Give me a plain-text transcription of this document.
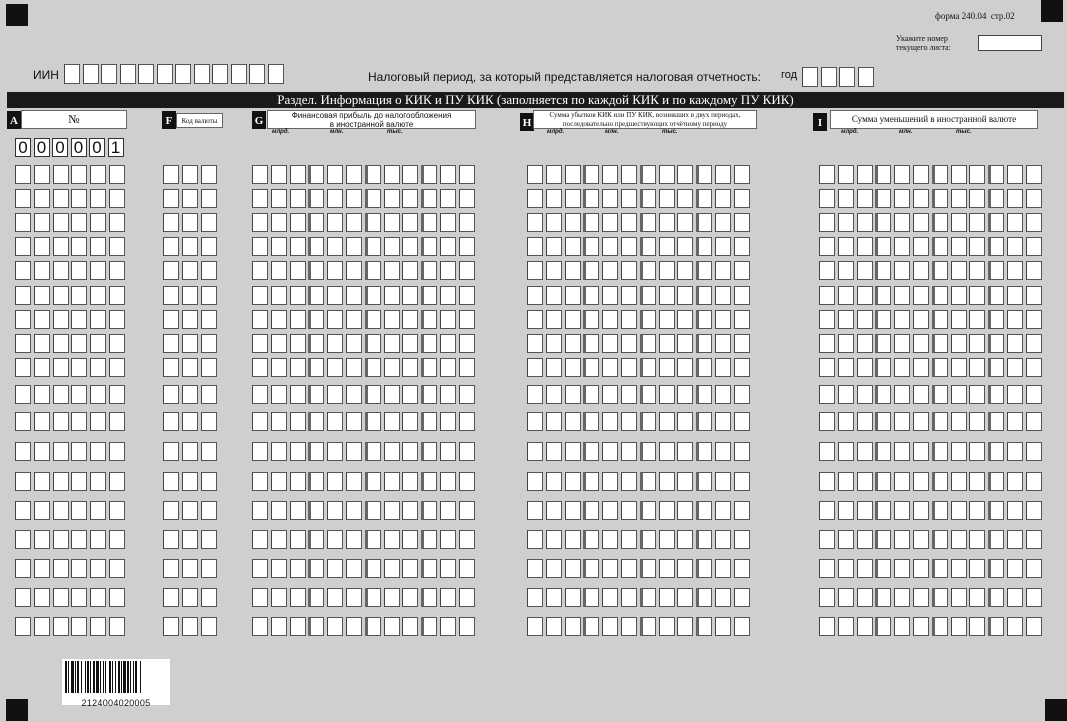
форма 240.04 стр.02
Укажите номер
текущего листа:
ИИН	Налоговый период, за который представляется налоговая отчетность: год
Раздел. Информация о КИК и ПУ КИК (заполняется по каждой КИК и по каждому ПУ КИК)
A	№	F	Код валюты	G	Финансовая прибыль до налогообложения
в иностранной валюте	H
Сумма убытков КИК или ПУ КИК, возникших в двух периодах,
последовательно предшествующих отчётному периоду	I	Сумма уменьшений в иностранной валюте
млрд.	млн.	тыс.	млрд.	млн.	тыс.	млрд.	млн.	тыс.
0 0 0 0 0 1
2124004020005
